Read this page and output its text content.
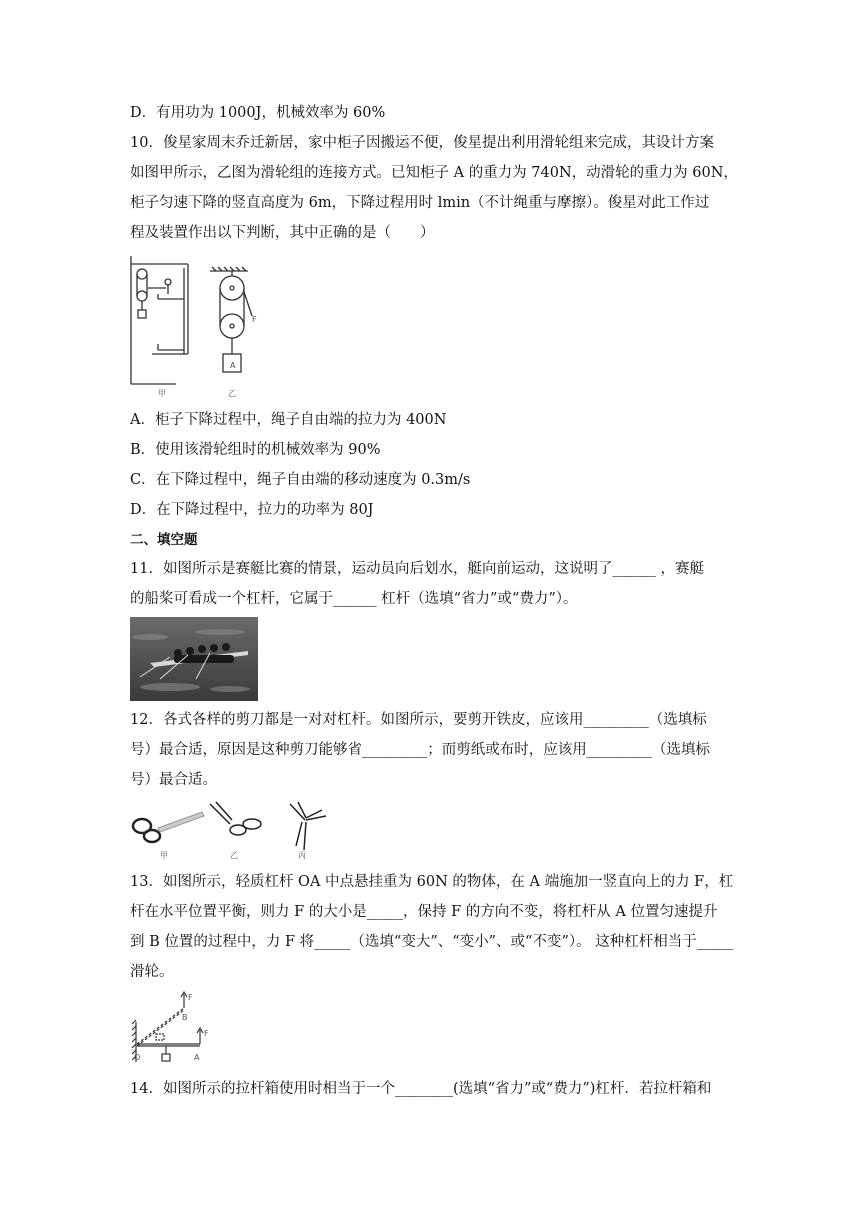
D．有用功为 1000J，机械效率为 60%
10．俊星家周末乔迁新居，家中柜子因搬运不便，俊星提出利用滑轮组来完成，其设计方案
如图甲所示，乙图为滑轮组的连接方式。已知柜子 A 的重力为 740N，动滑轮的重力为 60N，
柜子匀速下降的竖直高度为 6m，下降过程用时 lmin（不计绳重与摩擦）。俊星对此工作过
程及装置作出以下判断，其中正确的是（　　）
A
F
甲	乙
A．柜子下降过程中，绳子自由端的拉力为 400N
B．使用该滑轮组时的机械效率为 90%
C．在下降过程中，绳子自由端的移动速度为 0.3m/s
D．在下降过程中，拉力的功率为 80J
二、填空题
11．如图所示是赛艇比赛的情景，运动员向后划水，艇向前运动，这说明了______ ，赛艇
的船桨可看成一个杠杆，它属于______ 杠杆（选填“省力”或“费力”）。
12．各式各样的剪刀都是一对对杠杆。如图所示，要剪开铁皮，应该用_________（选填标
号）最合适，原因是这种剪刀能够省_________；而剪纸或布时，应该用_________（选填标
号）最合适。
甲	乙	丙
13．如图所示，轻质杠杆 OA 中点悬挂重为 60N 的物体，在 A 端施加一竖直向上的力 F，杠
杆在水平位置平衡，则力 F 的大小是_____，保持 F 的方向不变，将杠杆从 A 位置匀速提升
到 B 位置的过程中，力 F 将_____（选填“变大”、“变小”、或“不变”）。 这种杠杆相当于_____
滑轮。
O	A
B
F
F
14．如图所示的拉杆箱使用时相当于一个________(选填“省力”或“费力”)杠杆．若拉杆箱和
